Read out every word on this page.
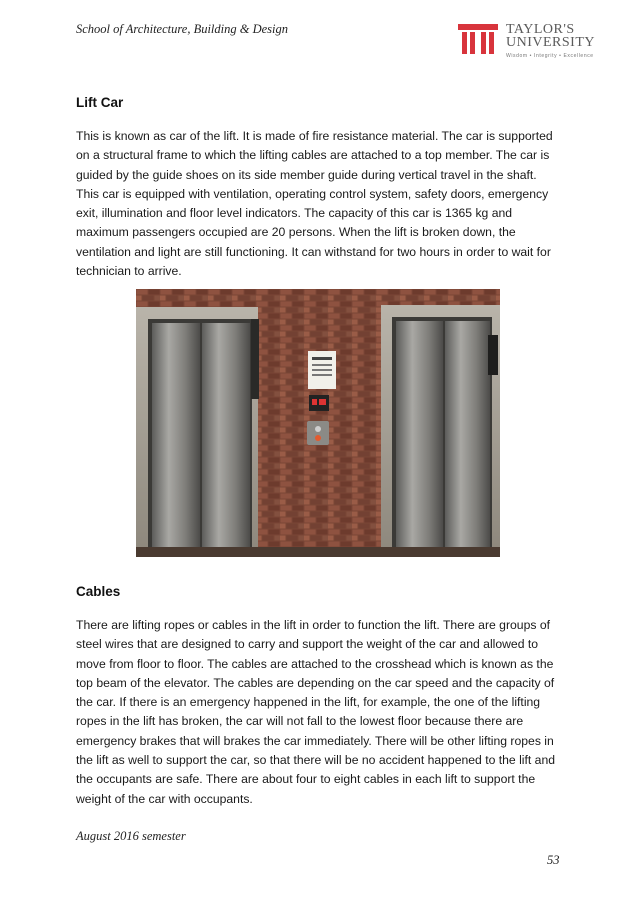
School of Architecture, Building & Design	TAYLOR'S
UNIVERSITY
Wisdom • Integrity • Excellence
Lift Car

This is known as car of the lift. It is made of fire resistance material. The car is supported on a structural frame to which the lifting cables are attached to a top member. The car is guided by the guide shoes on its side member guide during vertical travel in the shaft. This car is equipped with ventilation, operating control system, safety doors, emergency exit, illumination and floor level indicators. The capacity of this car is 1365 kg and maximum passengers occupied are 20 persons. When the lift is broken down, the ventilation and light are still functioning. It can withstand for two hours in order to wait for technician to arrive.

Cables

There are lifting ropes or cables in the lift in order to function the lift. There are groups of steel wires that are designed to carry and support the weight of the car and allowed to move from floor to floor. The cables are attached to the crosshead which is known as the top beam of the elevator. The cables are depending on the car speed and the capacity of the car. If there is an emergency happened in the lift, for example, the one of the lifting ropes in the lift has broken, the car will not fall to the lowest floor because there are emergency brakes that will brakes the car immediately. There will be other lifting ropes in the lift as well to support the car, so that there will be no accident happened to the lift and the occupants are safe. There are about four to eight cables in each lift to support the weight of the car with occupants.

August 2016 semester
53
